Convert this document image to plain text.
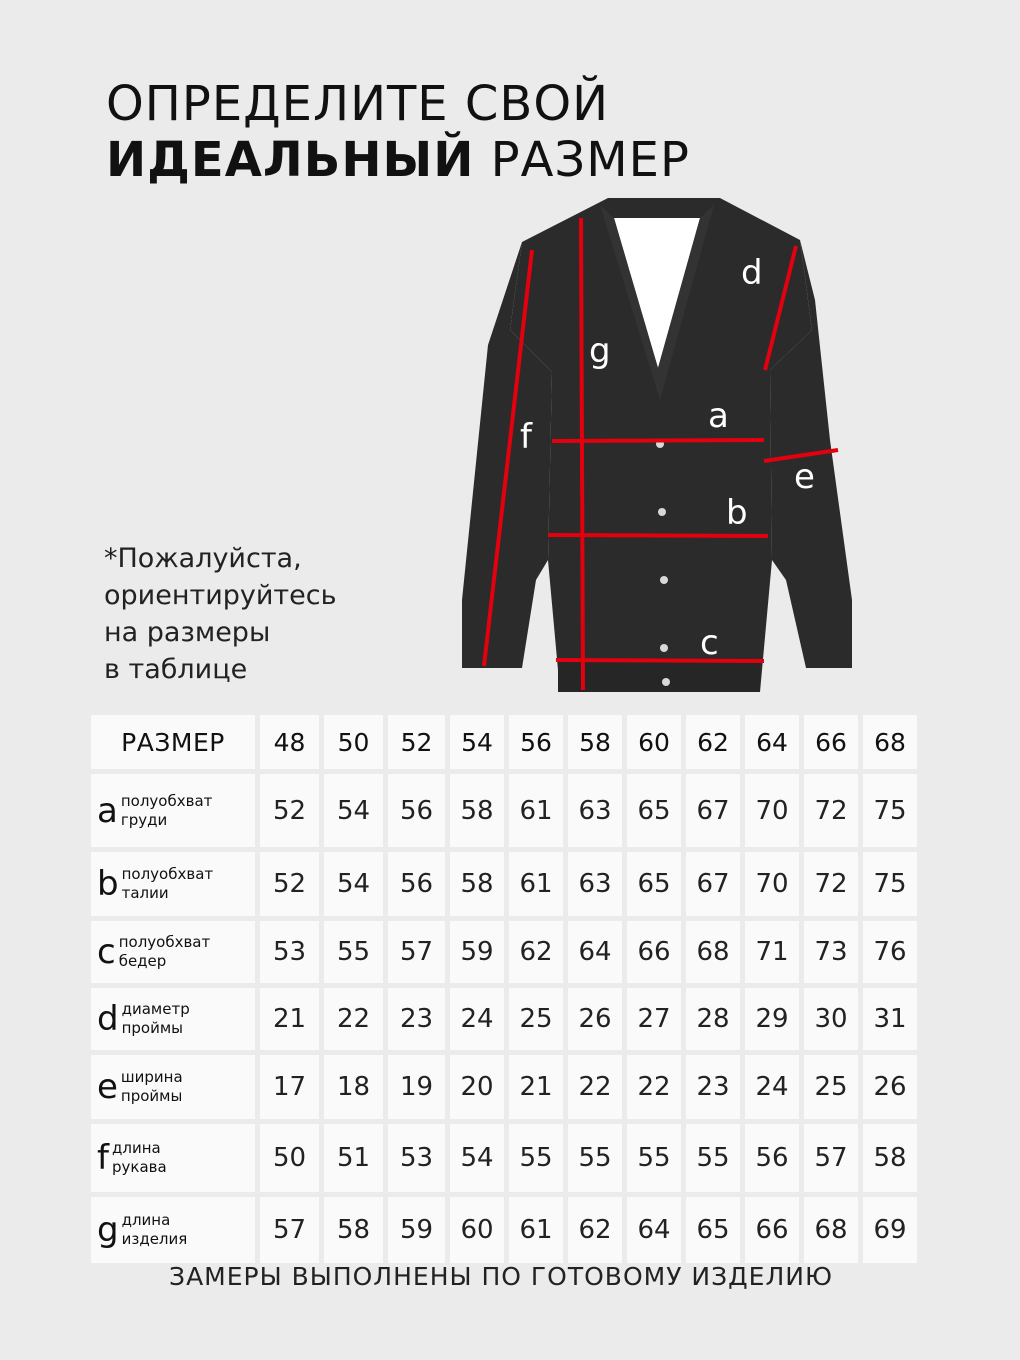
ОПРЕДЕЛИТЕ СВОЙ
ИДЕАЛЬНЫЙ РАЗМЕР
*Пожалуйста,
ориентируйтесь
на размеры
в таблице
a
b
c
d
e
f
g
РАЗМЕР	48	50	52	54	56	58	60	62	64	66	68

a полуобхват
груди	52	54	56	58	61	63	65	67	70	72	75

b полуобхват
талии	52	54	56	58	61	63	65	67	70	72	75

c полуобхват
бедер	53	55	57	59	62	64	66	68	71	73	76

d диаметр
проймы	21	22	23	24	25	26	27	28	29	30	31

e ширина
проймы	17	18	19	20	21	22	22	23	24	25	26

f длина
рукава	50	51	53	54	55	55	55	55	56	57	58

g длина
изделия	57	58	59	60	61	62	64	65	66	68	69
ЗАМЕРЫ ВЫПОЛНЕНЫ ПО ГОТОВОМУ ИЗДЕЛИЮ
